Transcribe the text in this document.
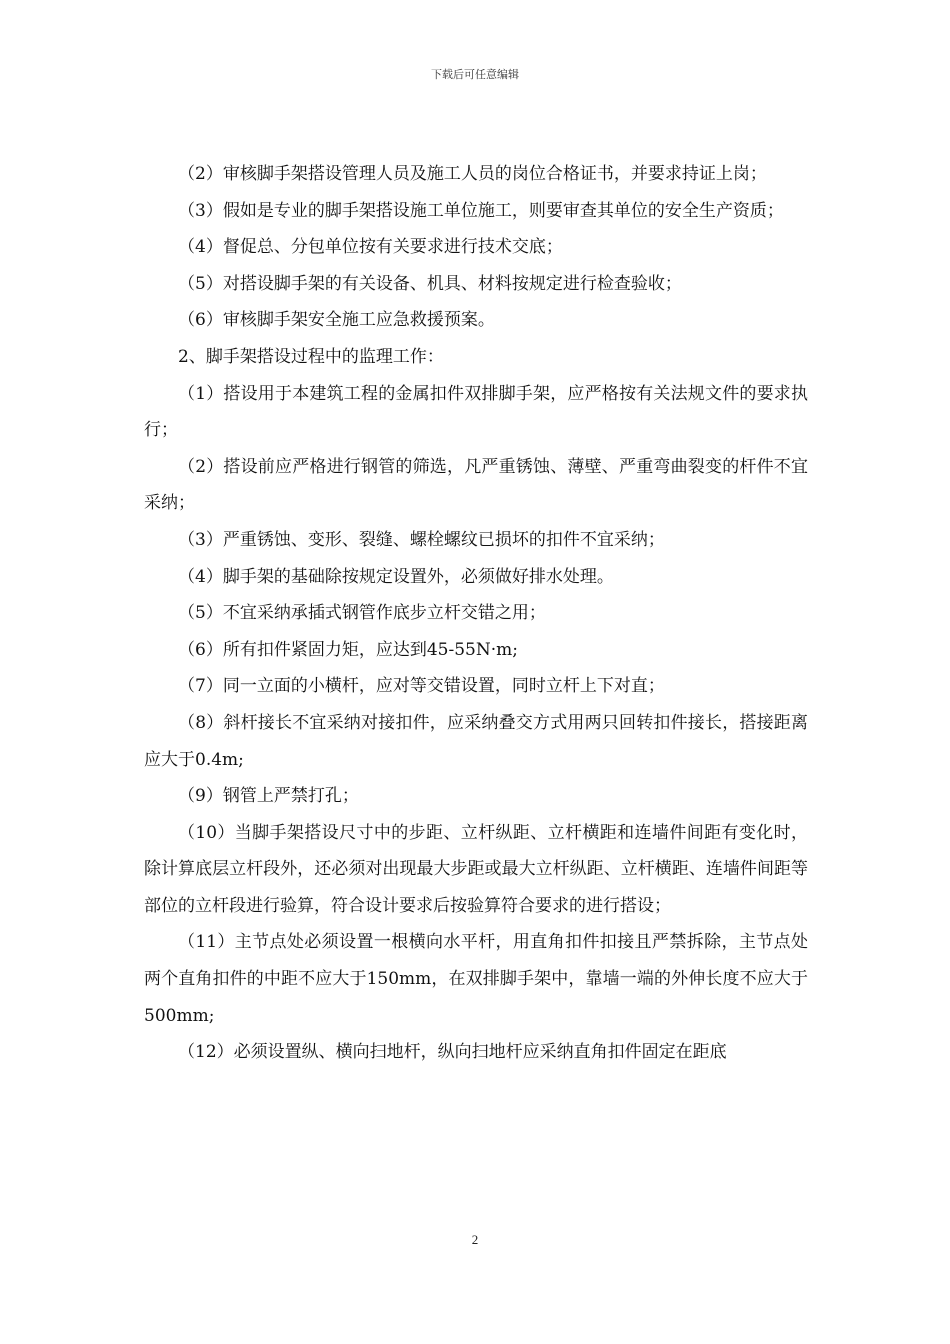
下载后可任意编辑

（2）审核脚手架搭设管理人员及施工人员的岗位合格证书，并要求持证上岗；

（3）假如是专业的脚手架搭设施工单位施工，则要审查其单位的安全生产资质；

（4）督促总、分包单位按有关要求进行技术交底；

（5）对搭设脚手架的有关设备、机具、材料按规定进行检查验收；

（6）审核脚手架安全施工应急救援预案。

2、脚手架搭设过程中的监理工作：

（1）搭设用于本建筑工程的金属扣件双排脚手架，应严格按有关法规文件的要求执行；

（2）搭设前应严格进行钢管的筛选，凡严重锈蚀、薄壁、严重弯曲裂变的杆件不宜采纳；

（3）严重锈蚀、变形、裂缝、螺栓螺纹已损坏的扣件不宜采纳；

（4）脚手架的基础除按规定设置外，必须做好排水处理。

（5）不宜采纳承插式钢管作底步立杆交错之用；

（6）所有扣件紧固力矩，应达到45-55N·m;

（7）同一立面的小横杆，应对等交错设置，同时立杆上下对直；

（8）斜杆接长不宜采纳对接扣件，应采纳叠交方式用两只回转扣件接长，搭接距离应大于0.4m;

（9）钢管上严禁打孔；

（10）当脚手架搭设尺寸中的步距、立杆纵距、立杆横距和连墙件间距有变化时，除计算底层立杆段外，还必须对出现最大步距或最大立杆纵距、立杆横距、连墙件间距等部位的立杆段进行验算，符合设计要求后按验算符合要求的进行搭设；

（11）主节点处必须设置一根横向水平杆，用直角扣件扣接且严禁拆除，主节点处两个直角扣件的中距不应大于150mm，在双排脚手架中，靠墙一端的外伸长度不应大于500mm;

（12）必须设置纵、横向扫地杆，纵向扫地杆应采纳直角扣件固定在距底

2
